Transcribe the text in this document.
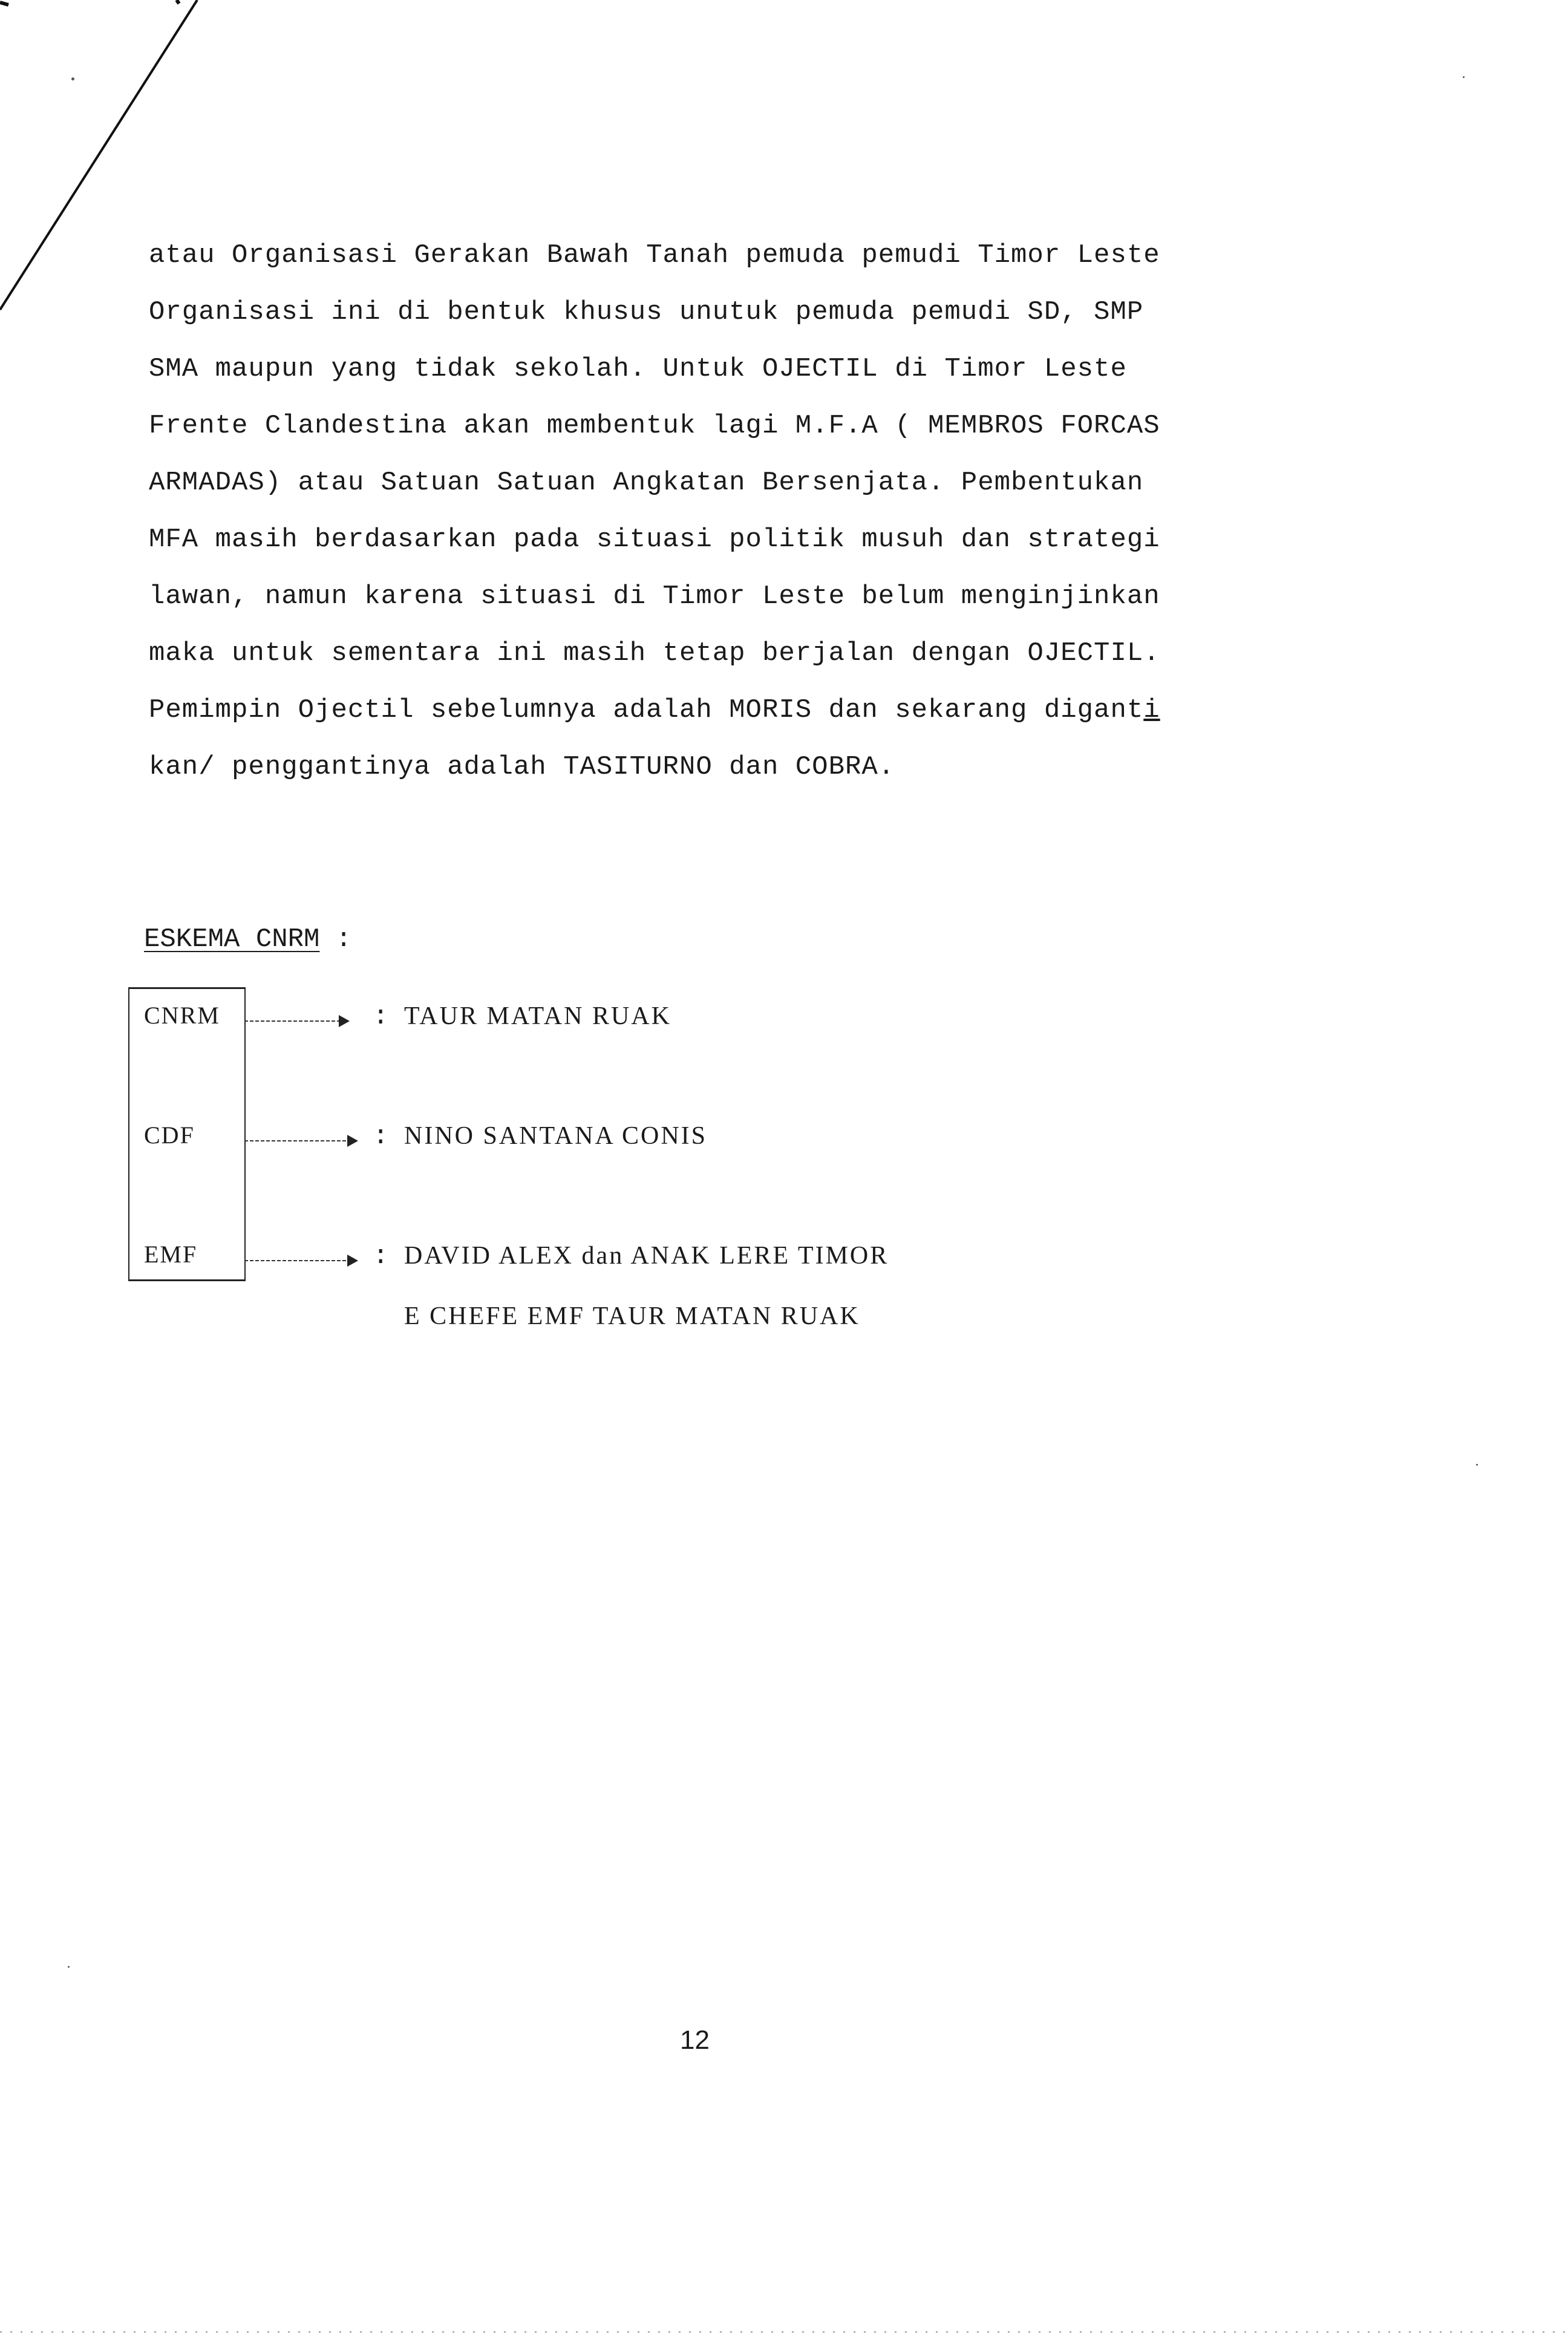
atau Organisasi Gerakan Bawah Tanah pemuda pemudi Timor Leste
Organisasi ini di bentuk khusus unutuk pemuda pemudi SD, SMP
SMA maupun yang tidak sekolah. Untuk OJECTIL di Timor Leste
Frente Clandestina akan membentuk lagi M.F.A ( MEMBROS FORCAS
ARMADAS) atau Satuan Satuan Angkatan Bersenjata. Pembentukan
MFA masih berdasarkan pada situasi politik musuh dan strategi
lawan, namun karena situasi di Timor Leste belum menginjinkan
maka untuk sementara ini masih tetap berjalan dengan OJECTIL.
Pemimpin Ojectil sebelumnya adalah MORIS dan sekarang diganti
kan/ penggantinya adalah TASITURNO dan COBRA.
ESKEMA CNRM :
CNRM	: TAUR MATAN RUAK
CDF	: NINO SANTANA CONIS
EMF	: DAVID ALEX dan ANAK LERE TIMOR
E CHEFE EMF TAUR MATAN RUAK
12
